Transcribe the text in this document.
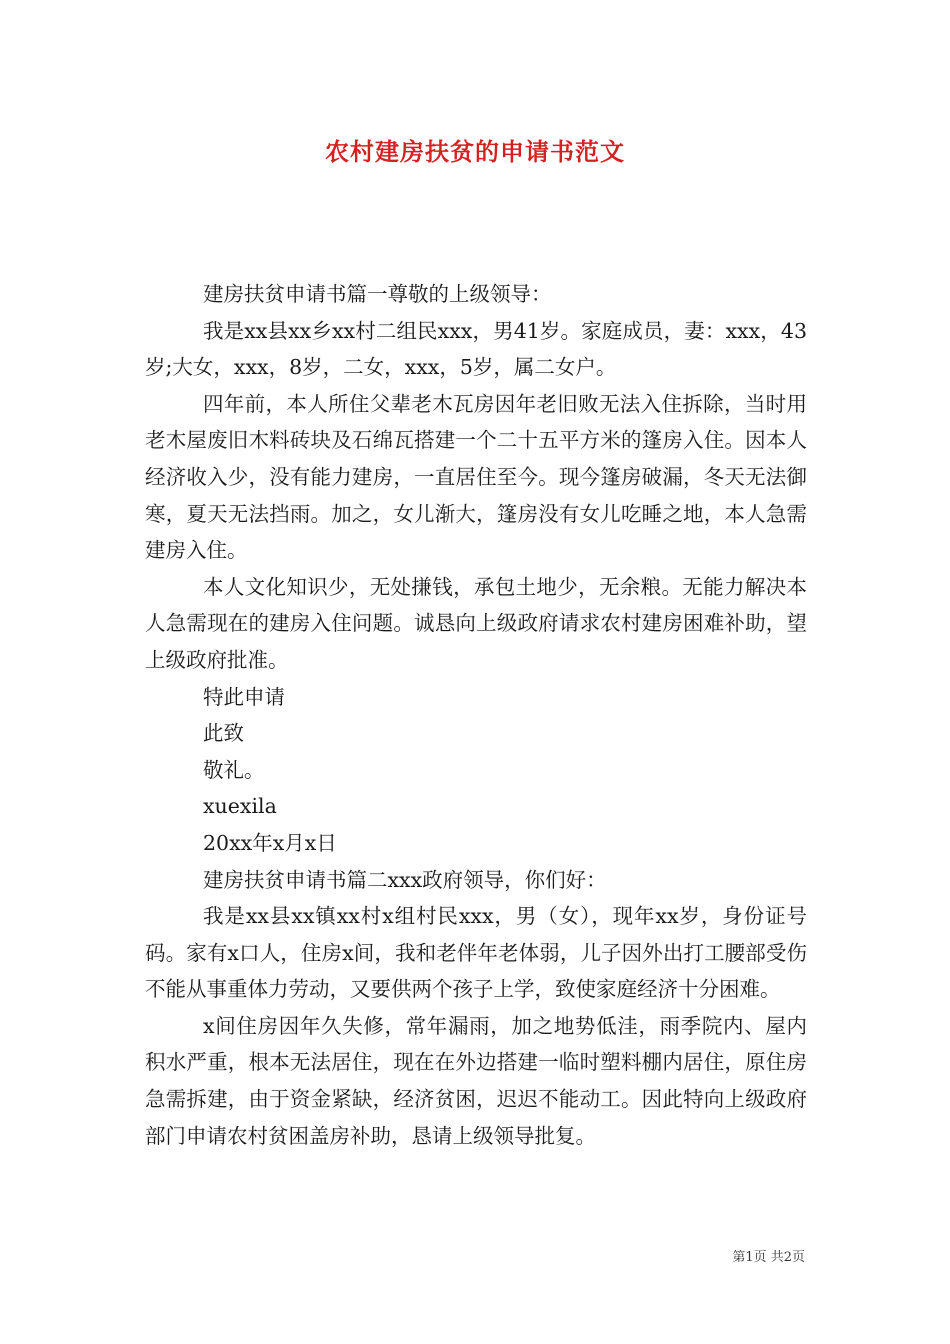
农村建房扶贫的申请书范文

建房扶贫申请书篇一尊敬的上级领导：

我是xx县xx乡xx村二组民xxx，男41岁。家庭成员，妻：xxx，43岁;大女，xxx，8岁，二女，xxx，5岁，属二女户。

四年前，本人所住父辈老木瓦房因年老旧败无法入住拆除，当时用老木屋废旧木料砖块及石绵瓦搭建一个二十五平方米的篷房入住。因本人经济收入少，没有能力建房，一直居住至今。现今篷房破漏，冬天无法御寒，夏天无法挡雨。加之，女儿渐大，篷房没有女儿吃睡之地，本人急需建房入住。

本人文化知识少，无处搛钱，承包土地少，无余粮。无能力解决本人急需现在的建房入住问题。诚恳向上级政府请求农村建房困难补助，望上级政府批准。

特此申请

此致

敬礼。

xuexila

20xx年x月x日

建房扶贫申请书篇二xxx政府领导，你们好：

我是xx县xx镇xx村x组村民xxx，男（女），现年xx岁，身份证号码。家有x口人，住房x间，我和老伴年老体弱，儿子因外出打工腰部受伤不能从事重体力劳动，又要供两个孩子上学，致使家庭经济十分困难。

x间住房因年久失修，常年漏雨，加之地势低洼，雨季院内、屋内积水严重，根本无法居住，现在在外边搭建一临时塑料棚内居住，原住房急需拆建，由于资金紧缺，经济贫困，迟迟不能动工。因此特向上级政府部门申请农村贫困盖房补助，恳请上级领导批复。

第1页 共2页
